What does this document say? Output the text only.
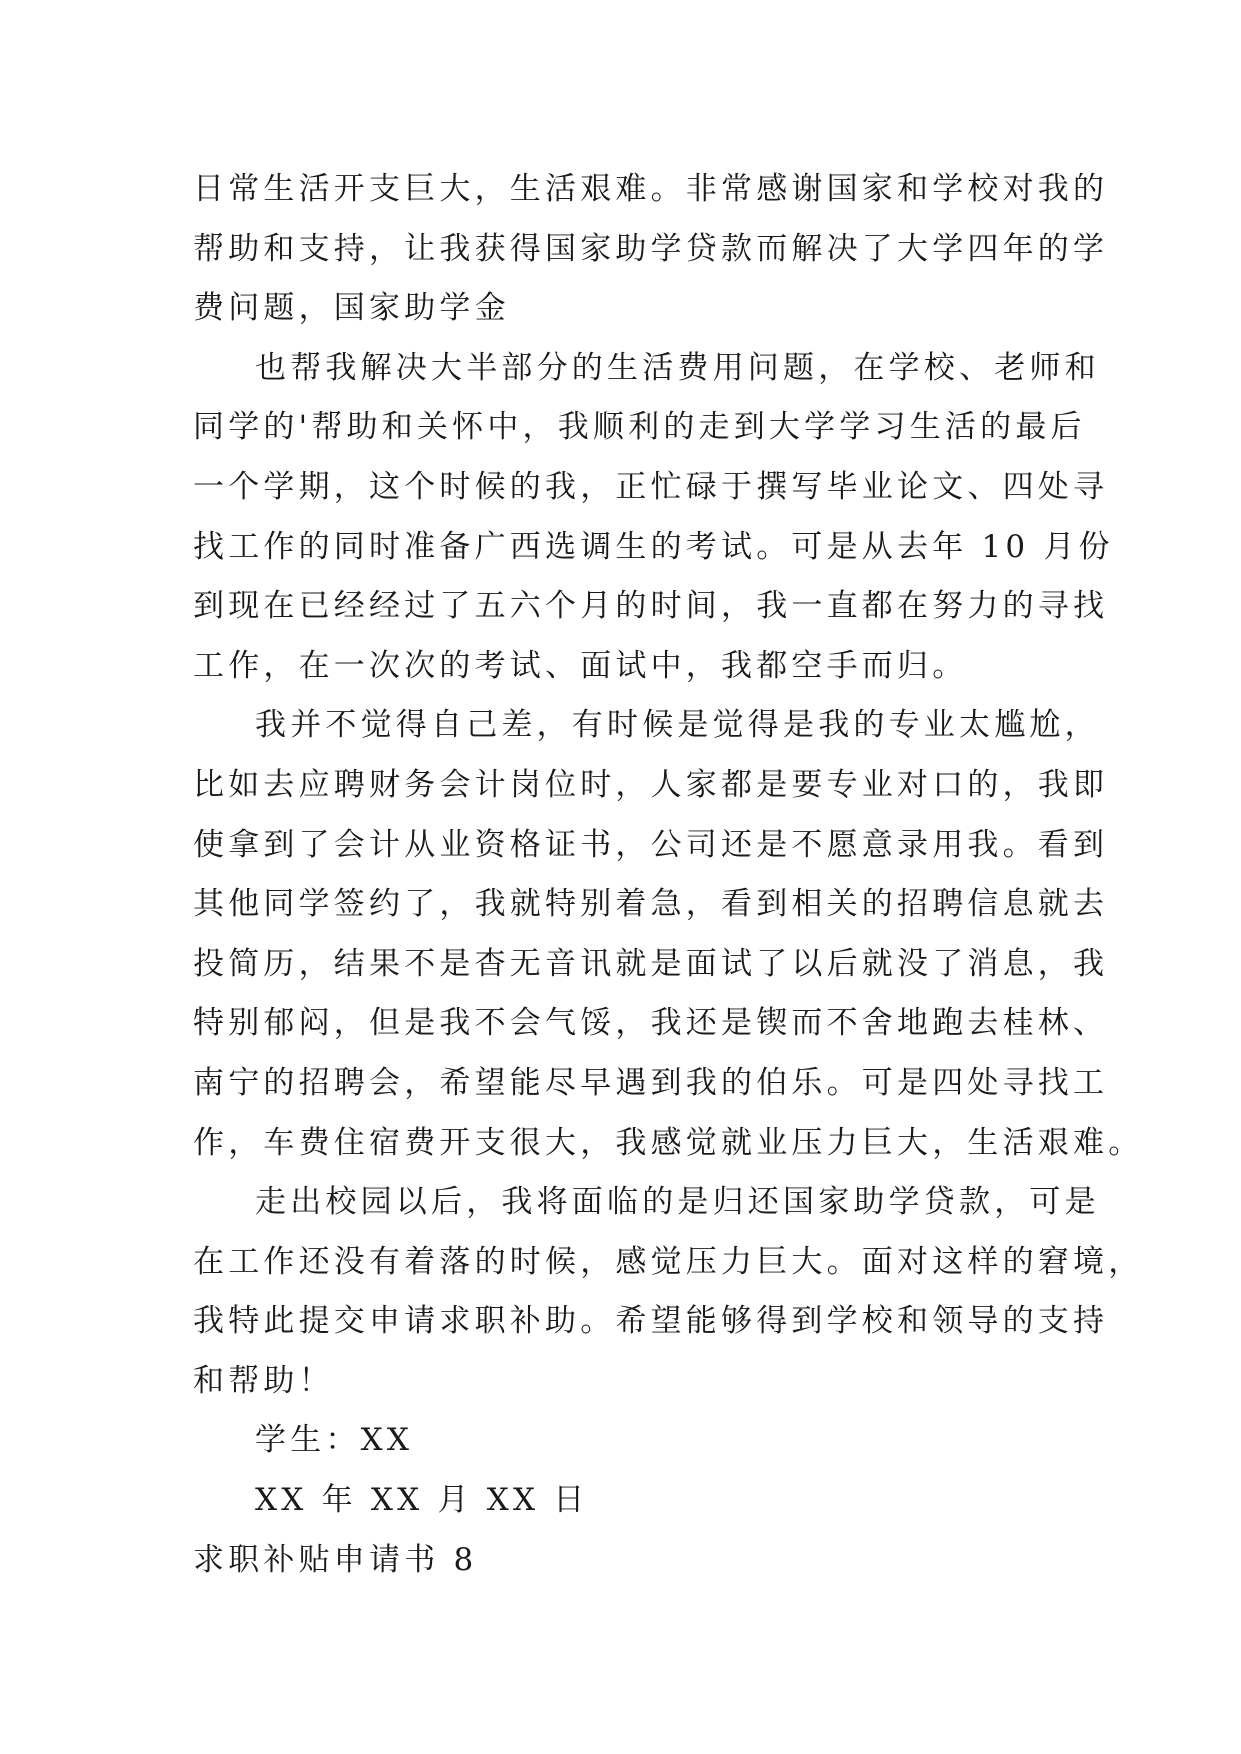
日常生活开支巨大，生活艰难。非常感谢国家和学校对我的
帮助和支持，让我获得国家助学贷款而解决了大学四年的学
费问题，国家助学金
也帮我解决大半部分的生活费用问题，在学校、老师和
同学的'帮助和关怀中，我顺利的走到大学学习生活的最后
一个学期，这个时候的我，正忙碌于撰写毕业论文、四处寻
找工作的同时准备广西选调生的考试。可是从去年 10 月份
到现在已经经过了五六个月的时间，我一直都在努力的寻找
工作，在一次次的考试、面试中，我都空手而归。
我并不觉得自己差，有时候是觉得是我的专业太尴尬，
比如去应聘财务会计岗位时，人家都是要专业对口的，我即
使拿到了会计从业资格证书，公司还是不愿意录用我。看到
其他同学签约了，我就特别着急，看到相关的招聘信息就去
投简历，结果不是杳无音讯就是面试了以后就没了消息，我
特别郁闷，但是我不会气馁，我还是锲而不舍地跑去桂林、
南宁的招聘会，希望能尽早遇到我的伯乐。可是四处寻找工
作，车费住宿费开支很大，我感觉就业压力巨大，生活艰难。
走出校园以后，我将面临的是归还国家助学贷款，可是
在工作还没有着落的时候，感觉压力巨大。面对这样的窘境，
我特此提交申请求职补助。希望能够得到学校和领导的支持
和帮助！
学生：XX
XX 年 XX 月 XX 日
求职补贴申请书 8
